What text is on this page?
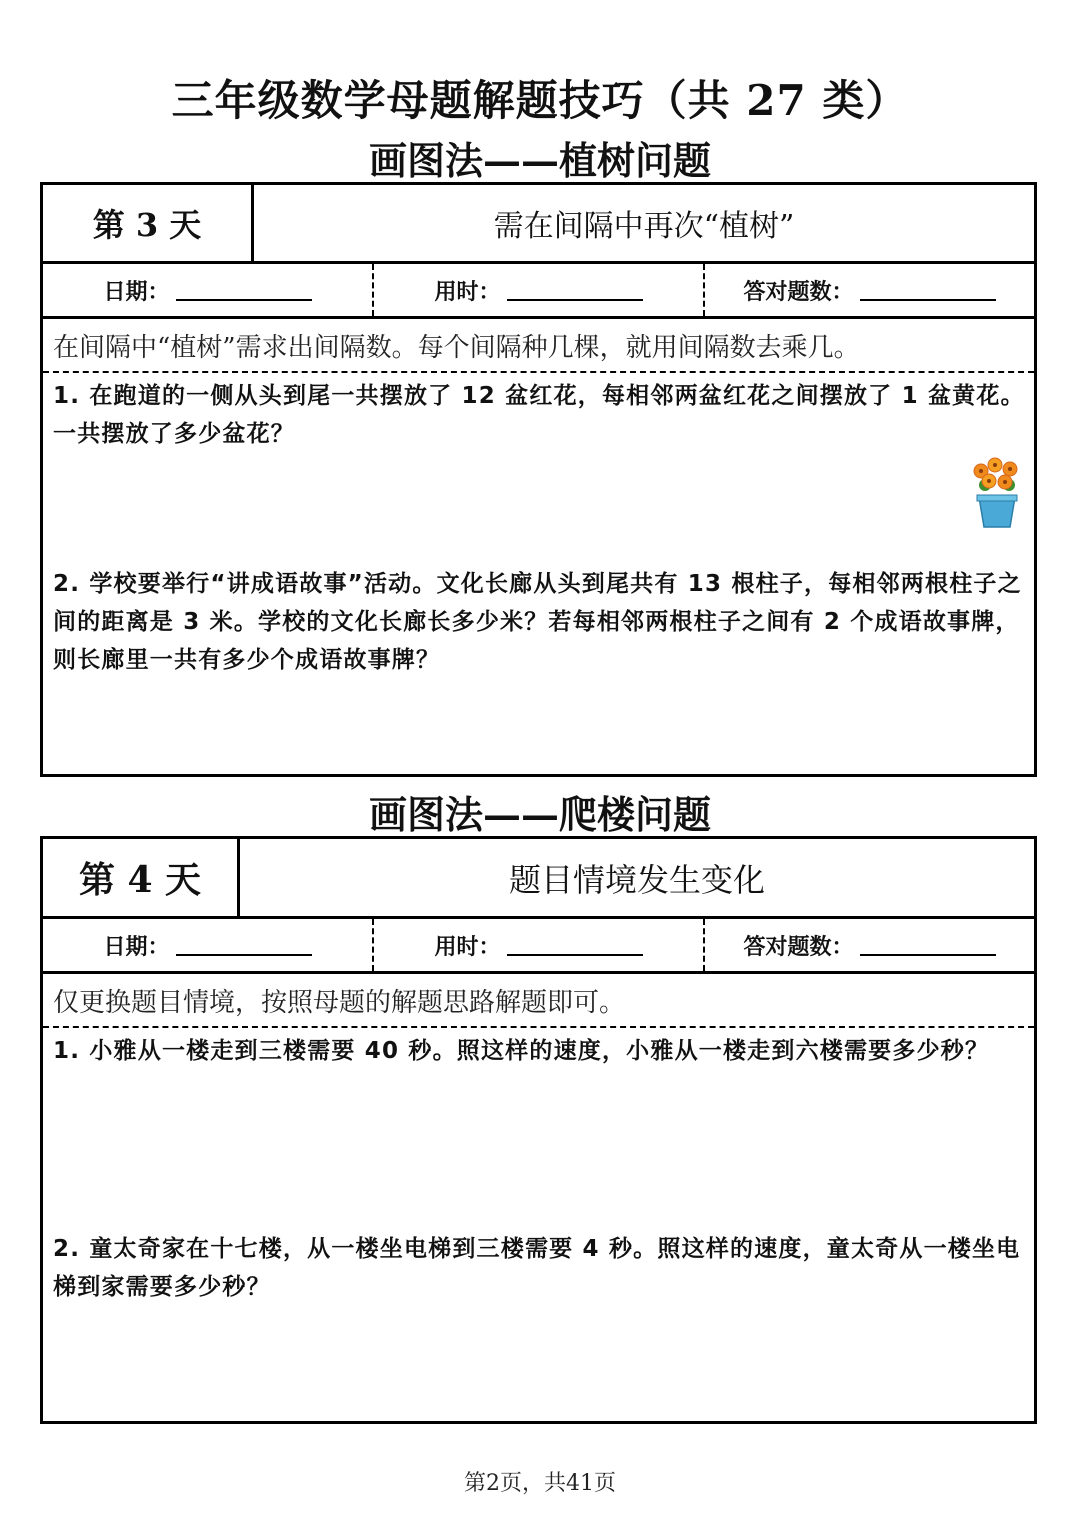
三年级数学母题解题技巧（共 27 类）
画图法——植树问题
第 3 天	需在间隔中再次“植树”
日期：	用时：	答对题数：
在间隔中“植树”需求出间隔数。每个间隔种几棵，就用间隔数去乘几。
1. 在跑道的一侧从头到尾一共摆放了 12 盆红花，每相邻两盆红花之间摆放了 1 盆黄花。一共摆放了多少盆花？
2. 学校要举行“讲成语故事”活动。文化长廊从头到尾共有 13 根柱子，每相邻两根柱子之间的距离是 3 米。学校的文化长廊长多少米？若每相邻两根柱子之间有 2 个成语故事牌，则长廊里一共有多少个成语故事牌？
画图法——爬楼问题
第 4 天	题目情境发生变化
日期：	用时：	答对题数：
仅更换题目情境，按照母题的解题思路解题即可。
1. 小雅从一楼走到三楼需要 40 秒。照这样的速度，小雅从一楼走到六楼需要多少秒？
2. 童太奇家在十七楼，从一楼坐电梯到三楼需要 4 秒。照这样的速度，童太奇从一楼坐电梯到家需要多少秒？
第2页，共41页
